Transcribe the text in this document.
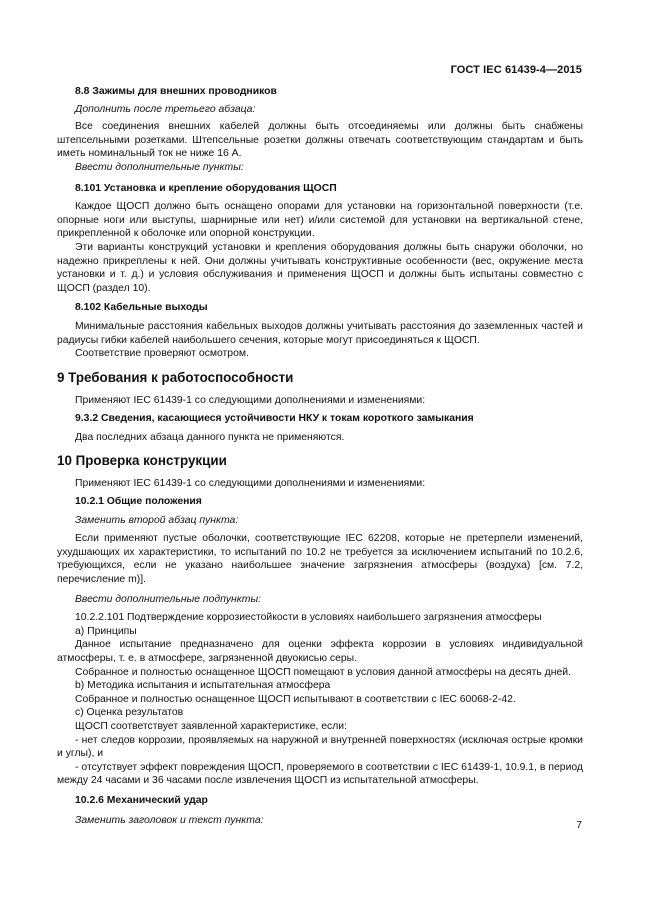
ГОСТ IEC 61439-4—2015

8.8 Зажимы для внешних проводников

Дополнить после третьего абзаца:

Все соединения внешних кабелей должны быть отсоединяемы или должны быть снабжены штепсельными розетками. Штепсельные розетки должны отвечать соответствующим стандартам и быть иметь номинальный ток не ниже 16 А.

Ввести дополнительные пункты:

8.101 Установка и крепление оборудования ЩОСП

Каждое ЩОСП должно быть оснащено опорами для установки на горизонтальной поверхности (т.е. опорные ноги или выступы, шарнирные или нет) и/или системой для установки на вертикальной стене, прикрепленной к оболочке или опорной конструкции.

Эти варианты конструкций установки и крепления оборудования должны быть снаружи оболочки, но надежно прикреплены к ней. Они должны учитывать конструктивные особенности (вес, окружение места установки и т. д.) и условия обслуживания и применения ЩОСП и должны быть испытаны совместно с ЩОСП (раздел 10).

8.102 Кабельные выходы

Минимальные расстояния кабельных выходов должны учитывать расстояния до заземленных частей и радиусы гибки кабелей наибольшего сечения, которые могут присоединяться к ЩОСП.

Соответствие проверяют осмотром.

9 Требования к работоспособности

Применяют IEC 61439-1 со следующими дополнениями и изменениями:

9.3.2 Сведения, касающиеся устойчивости НКУ к токам короткого замыкания

Два последних абзаца данного пункта не применяются.

10 Проверка конструкции

Применяют IEC 61439-1 со следующими дополнениями и изменениями:

10.2.1 Общие положения

Заменить второй абзац пункта:

Если применяют пустые оболочки, соответствующие IEC 62208, которые не претерпели изменений, ухудшающих их характеристики, то испытаний по 10.2 не требуется за исключением испытаний по 10.2.6, требующихся, если не указано наибольшее значение загрязнения атмосферы (воздуха) [см. 7.2, перечисление m)].

Ввести дополнительные подпункты:

10.2.2.101 Подтверждение коррозиестойкости в условиях наибольшего загрязнения атмосферы

а) Принципы

Данное испытание предназначено для оценки эффекта коррозии в условиях индивидуальной атмосферы, т. е. в атмосфере, загрязненной двуокисью серы.

Собранное и полностью оснащенное ЩОСП помещают в условия данной атмосферы на десять дней.

b) Методика испытания и испытательная атмосфера

Собранное и полностью оснащенное ЩОСП испытывают в соответствии с IEC 60068-2-42.

c) Оценка результатов

ЩОСП соответствует заявленной характеристике, если:

- нет следов коррозии, проявляемых на наружной и внутренней поверхностях (исключая острые кромки и углы), и

- отсутствует эффект повреждения ЩОСП, проверяемого в соответствии с IEC 61439-1, 10.9.1, в период между 24 часами и 36 часами после извлечения ЩОСП из испытательной атмосферы.

10.2.6 Механический удар

Заменить заголовок и текст пункта:	7
